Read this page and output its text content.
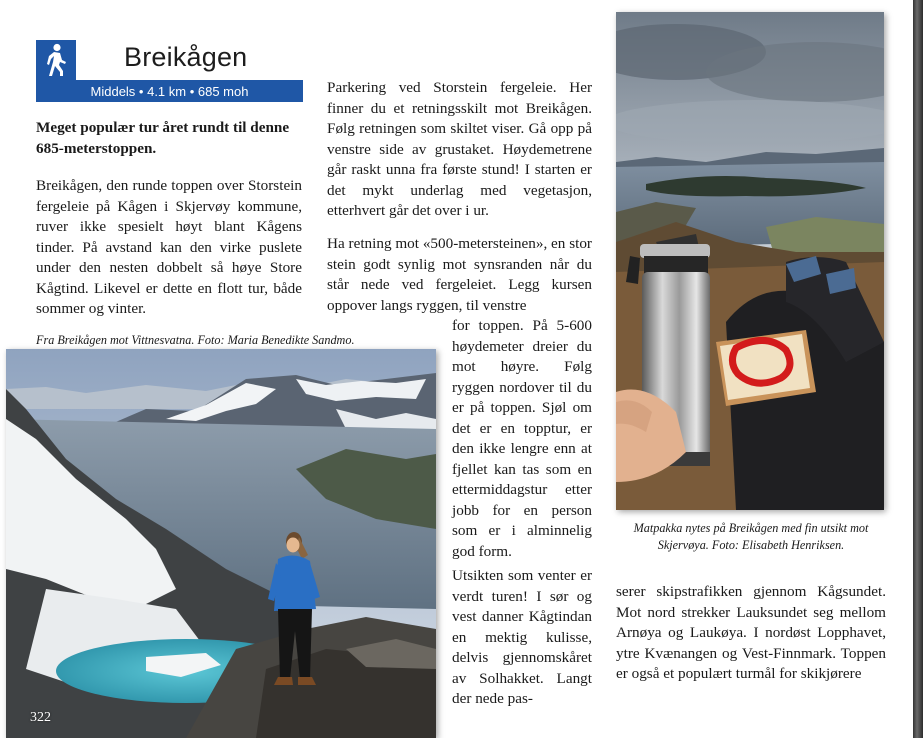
Breikågen
Middels • 4.1 km • 685 moh

Meget populær tur året rundt til denne 685-meterstoppen.

Breikågen, den runde toppen over Storstein fergeleie på Kågen i Skjervøy kommune, ruver ikke spesielt høyt blant Kågens tinder. På avstand kan den virke puslete under den nesten dobbelt så høye Store Kågtind. Likevel er dette en flott tur, både sommer og vinter.

Fra Breikågen mot Vittnesvatna. Foto: Maria Benedikte Sandmo.

Parkering ved Storstein fergeleie. Her finner du et retningsskilt mot Breikågen. Følg retningen som skiltet viser. Gå opp på venstre side av grustaket. Høydemetrene går raskt unna fra første stund! I starten er det mykt underlag med vegetasjon, etterhvert går det over i ur.

Ha retning mot «500-metersteinen», en stor stein godt synlig mot synsranden når du står nede ved fergeleiet. Legg kursen oppover langs ryggen, til venstre

for toppen. På 5-600 høydemeter dreier du mot høyre. Følg ryggen nordover til du er på toppen. Sjøl om det er en topptur, er den ikke lengre enn at fjellet kan tas som en ettermiddagstur etter jobb for en person som er i alminnelig god form.

Utsikten som venter er verdt turen! I sør og vest danner Kågtindan en mektig kulisse, delvis gjennomskåret av Solhakket. Langt der nede pas-

serer skipstrafikken gjennom Kågsundet. Mot nord strekker Lauksundet seg mellom Arnøya og Laukøya. I nordøst Lopphavet, ytre Kvænangen og Vest-Finnmark. Toppen er også et populært turmål for skikjørere

Matpakka nytes på Breikågen med fin utsikt mot Skjervøya. Foto: Elisabeth Henriksen.
322
